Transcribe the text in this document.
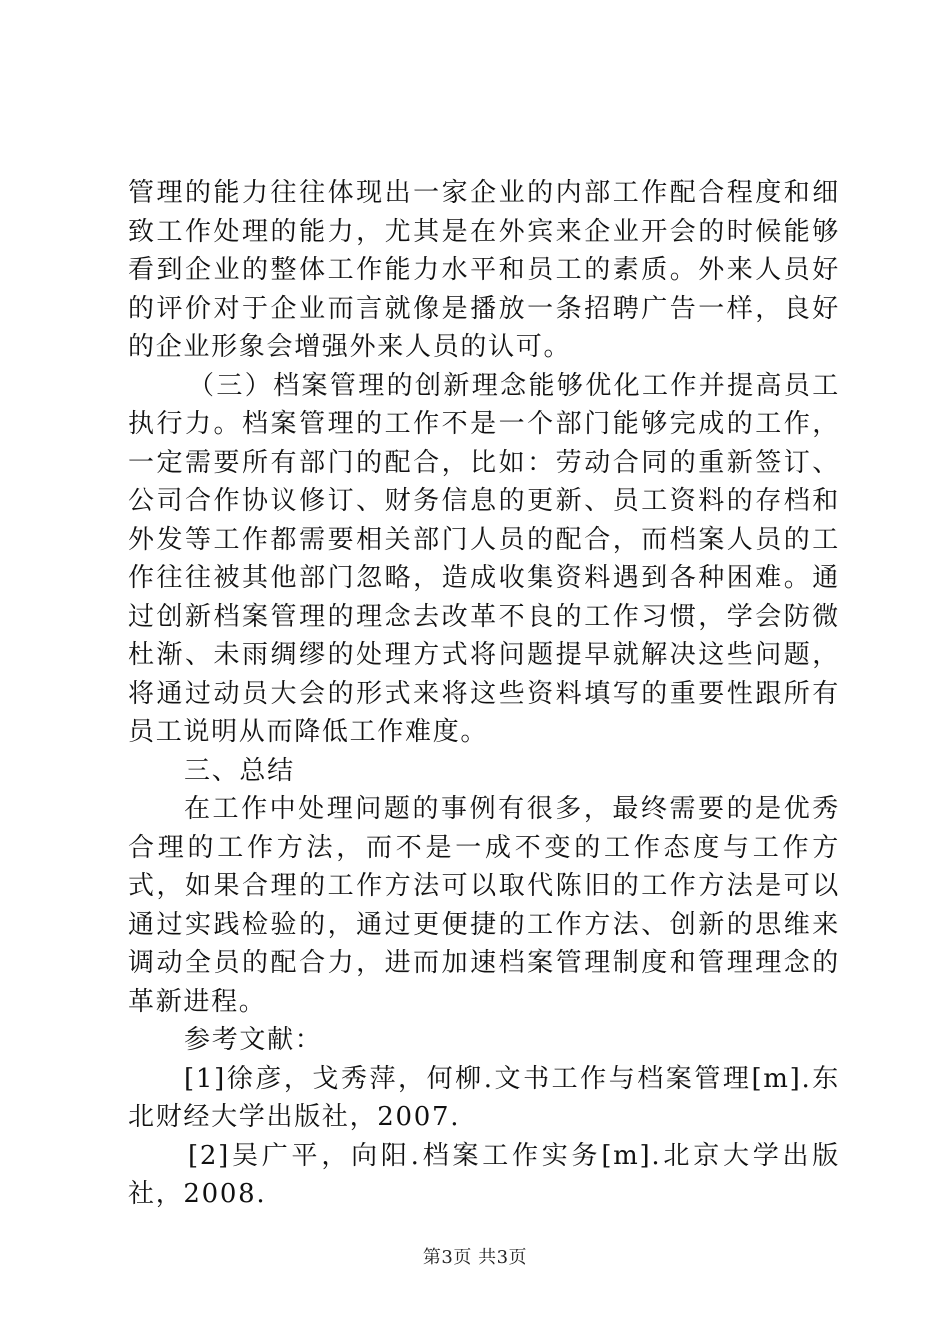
管理的能力往往体现出一家企业的内部工作配合程度和细致工作处理的能力，尤其是在外宾来企业开会的时候能够看到企业的整体工作能力水平和员工的素质。外来人员好的评价对于企业而言就像是播放一条招聘广告一样，良好的企业形象会增强外来人员的认可。

（三）档案管理的创新理念能够优化工作并提高员工执行力。档案管理的工作不是一个部门能够完成的工作，一定需要所有部门的配合，比如：劳动合同的重新签订、公司合作协议修订、财务信息的更新、员工资料的存档和外发等工作都需要相关部门人员的配合，而档案人员的工作往往被其他部门忽略，造成收集资料遇到各种困难。通过创新档案管理的理念去改革不良的工作习惯，学会防微杜渐、未雨绸缪的处理方式将问题提早就解决这些问题，将通过动员大会的形式来将这些资料填写的重要性跟所有员工说明从而降低工作难度。

三、总结

在工作中处理问题的事例有很多，最终需要的是优秀合理的工作方法，而不是一成不变的工作态度与工作方式，如果合理的工作方法可以取代陈旧的工作方法是可以通过实践检验的，通过更便捷的工作方法、创新的思维来调动全员的配合力，进而加速档案管理制度和管理理念的革新进程。

参考文献：

[1]徐彦，戈秀萍，何柳.文书工作与档案管理[m].东北财经大学出版社，2007.

[2]吴广平，向阳.档案工作实务[m].北京大学出版社，2008.

第3页 共3页
